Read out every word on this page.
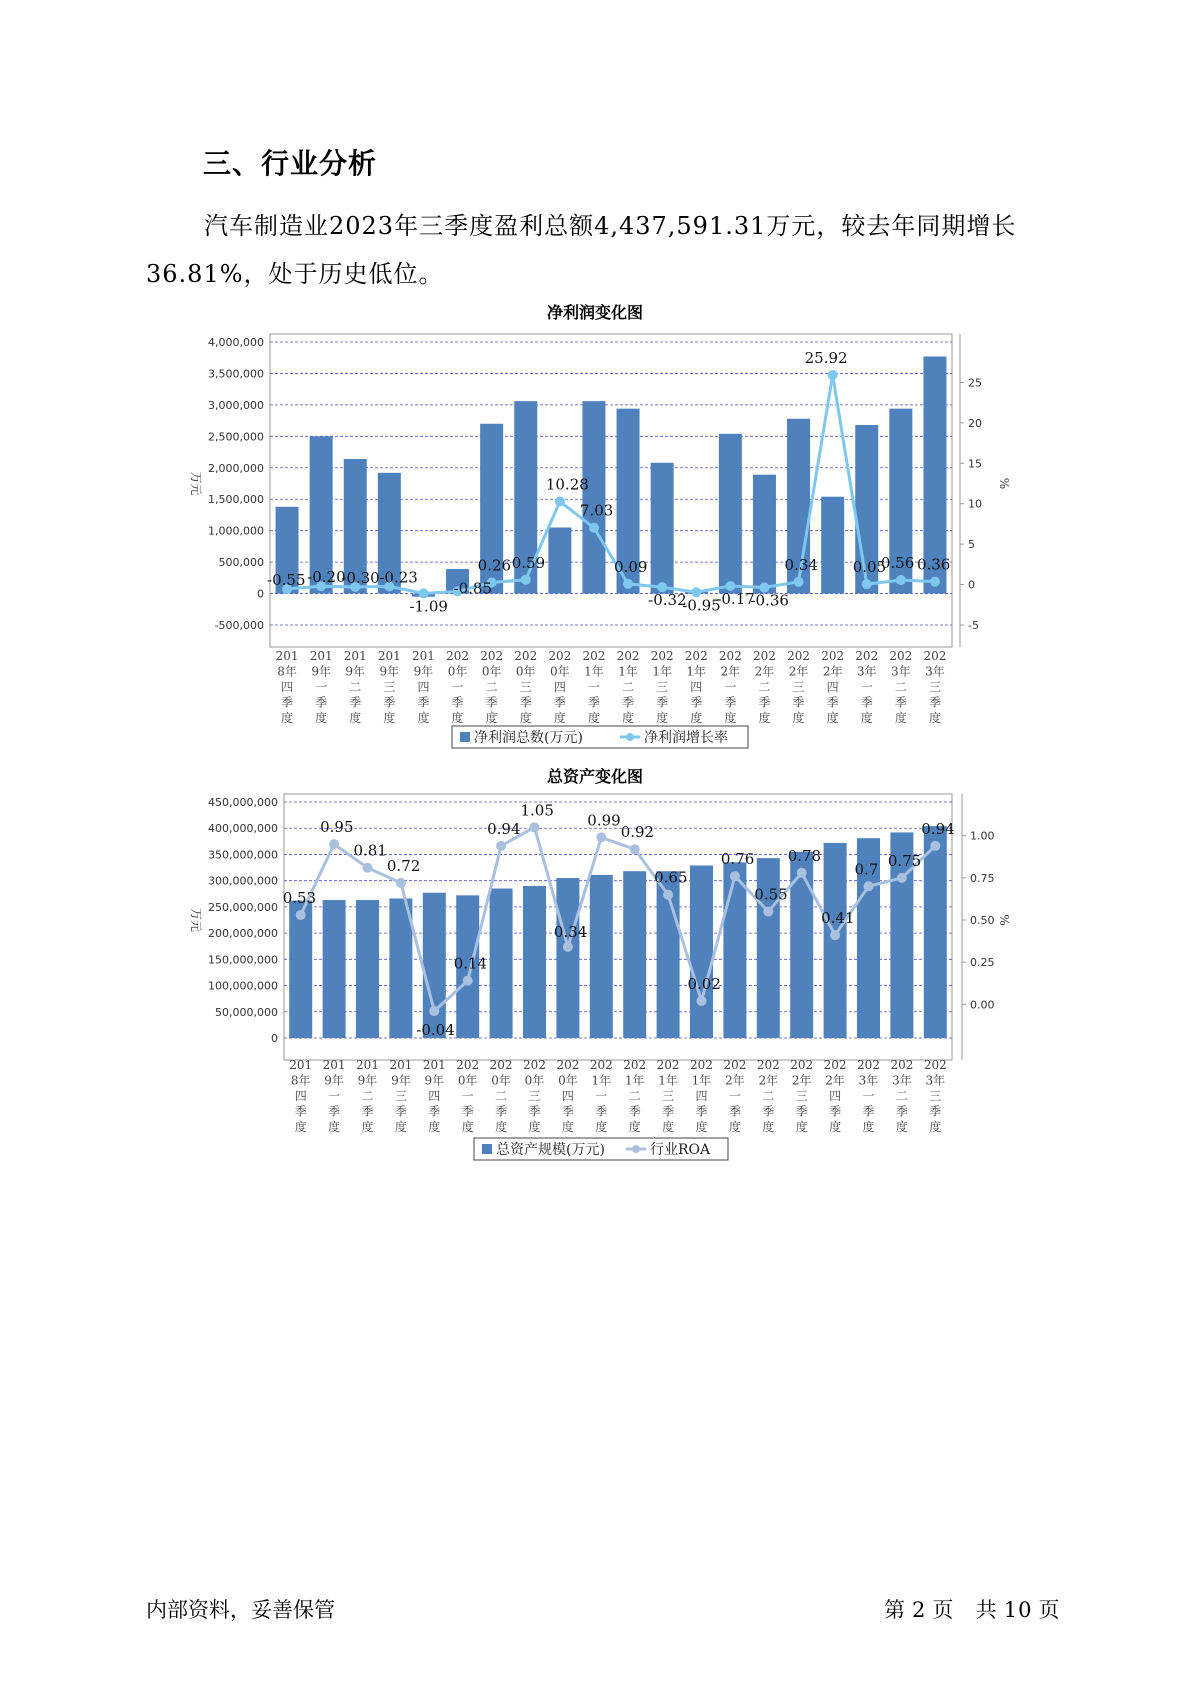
三、行业分析

汽车制造业2023年三季度盈利总额4,437,591.31万元，较去年同期增长36.81%，处于历史低位。

净利润变化图
-500,000
0
500,000
1,000,000
1,500,000
2,000,000
2,500,000
3,000,000
3,500,000
4,000,000
-5
0
5
10
15
20
25
万元	%
-0.55 -0.20
-0.30 -0.23
-1.09
-0.85
0.26 0.59
10.28
7.03
0.09
-0.32
-0.95
-0.17
-0.36
0.34
25.92
0.05
0.56 0.36
201
8年
四
季
度
201
9年
一
季
度
201
9年
二
季
度
201
9年
三
季
度
201
9年
四
季
度
202
0年
一
季
度
202
0年
二
季
度
202
0年
三
季
度
202
0年
四
季
度
202
1年
一
季
度
202
1年
二
季
度
202
1年
三
季
度
202
1年
四
季
度
202
2年
一
季
度
202
2年
二
季
度
202
2年
三
季
度
202
2年
四
季
度
202
3年
一
季
度
202
3年
二
季
度
202
3年
三
季
度
净利润总数(万元)	净利润增长率
总资产变化图
0
50,000,000
100,000,000
150,000,000
200,000,000
250,000,000
300,000,000
350,000,000
400,000,000
450,000,000
0.00
0.25
0.50
0.75
1.00
万元	%
0.53
0.95
0.81
0.72
-0.04
0.14
0.94
1.05
0.34
0.99
0.92
0.65
0.02
0.76
0.55
0.78
0.41
0.7 0.75
0.94
201
8年
四
季
度
201
9年
一
季
度
201
9年
二
季
度
201
9年
三
季
度
201
9年
四
季
度
202
0年
一
季
度
202
0年
二
季
度
202
0年
三
季
度
202
0年
四
季
度
202
1年
一
季
度
202
1年
二
季
度
202
1年
三
季
度
202
1年
四
季
度
202
2年
一
季
度
202
2年
二
季
度
202
2年
三
季
度
202
2年
四
季
度
202
3年
一
季
度
202
3年
二
季
度
202
3年
三
季
度
总资产规模(万元)	行业ROA
内部资料，妥善保管	第 2 页 共 10 页
